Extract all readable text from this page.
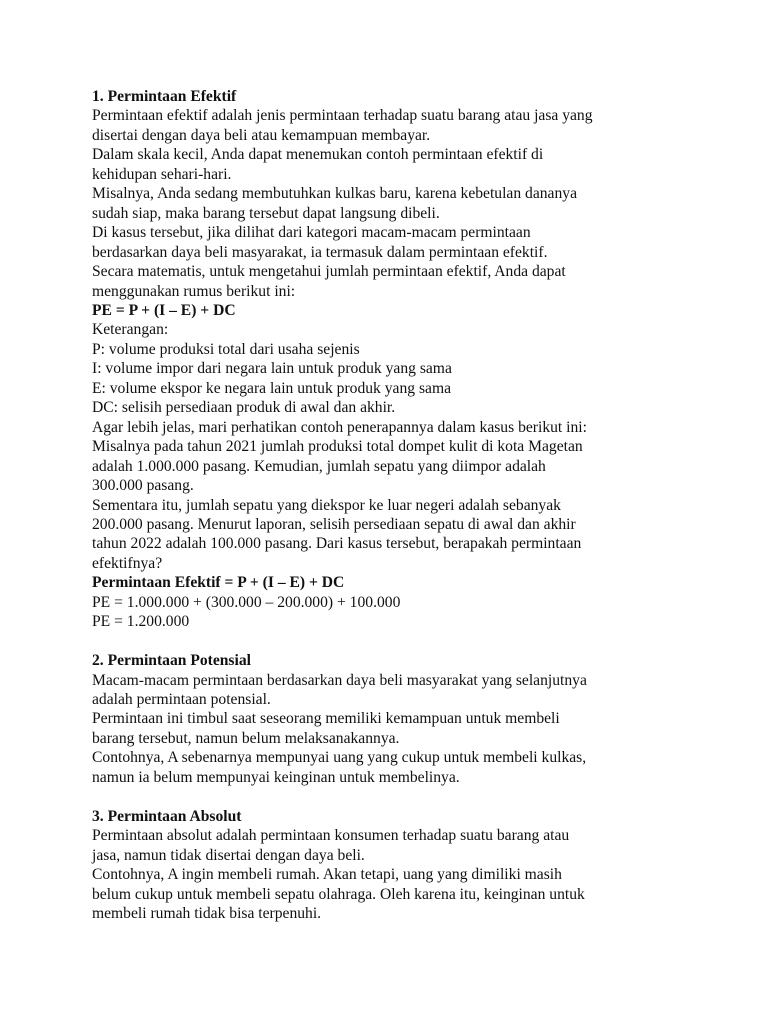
1. Permintaan Efektif
Permintaan efektif adalah jenis permintaan terhadap suatu barang atau jasa yang
disertai dengan daya beli atau kemampuan membayar.
Dalam skala kecil, Anda dapat menemukan contoh permintaan efektif di
kehidupan sehari-hari.
Misalnya, Anda sedang membutuhkan kulkas baru, karena kebetulan dananya
sudah siap, maka barang tersebut dapat langsung dibeli.
Di kasus tersebut, jika dilihat dari kategori macam-macam permintaan
berdasarkan daya beli masyarakat, ia termasuk dalam permintaan efektif.
Secara matematis, untuk mengetahui jumlah permintaan efektif, Anda dapat
menggunakan rumus berikut ini:
PE = P + (I – E) + DC
Keterangan:
P: volume produksi total dari usaha sejenis
I: volume impor dari negara lain untuk produk yang sama
E: volume ekspor ke negara lain untuk produk yang sama
DC: selisih persediaan produk di awal dan akhir.
Agar lebih jelas, mari perhatikan contoh penerapannya dalam kasus berikut ini:
Misalnya pada tahun 2021 jumlah produksi total dompet kulit di kota Magetan
adalah 1.000.000 pasang. Kemudian, jumlah sepatu yang diimpor adalah
300.000 pasang.
Sementara itu, jumlah sepatu yang diekspor ke luar negeri adalah sebanyak
200.000 pasang. Menurut laporan, selisih persediaan sepatu di awal dan akhir
tahun 2022 adalah 100.000 pasang. Dari kasus tersebut, berapakah permintaan
efektifnya?
Permintaan Efektif = P + (I – E) + DC
PE = 1.000.000 + (300.000 – 200.000) + 100.000
PE = 1.200.000
2. Permintaan Potensial
Macam-macam permintaan berdasarkan daya beli masyarakat yang selanjutnya
adalah permintaan potensial.
Permintaan ini timbul saat seseorang memiliki kemampuan untuk membeli
barang tersebut, namun belum melaksanakannya.
Contohnya, A sebenarnya mempunyai uang yang cukup untuk membeli kulkas,
namun ia belum mempunyai keinginan untuk membelinya.
3. Permintaan Absolut
Permintaan absolut adalah permintaan konsumen terhadap suatu barang atau
jasa, namun tidak disertai dengan daya beli.
Contohnya, A ingin membeli rumah. Akan tetapi, uang yang dimiliki masih
belum cukup untuk membeli sepatu olahraga. Oleh karena itu, keinginan untuk
membeli rumah tidak bisa terpenuhi.
